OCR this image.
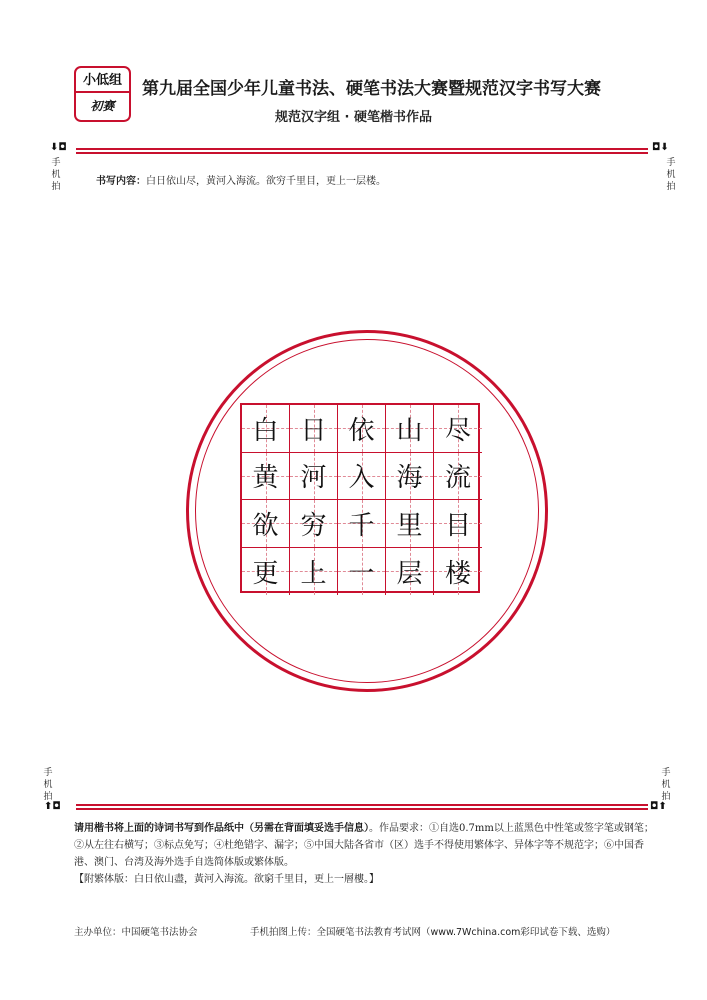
小低组
初赛
第九届全国少年儿童书法、硬笔书法大赛暨规范汉字书写大赛
规范汉字组 · 硬笔楷书作品
⬇◘
手机拍
◘⬇
手机拍
书写内容：白日依山尽，黄河入海流。欲穷千里目，更上一层楼。
白 日 依 山 尽
黄 河 入 海 流
欲 穷 千 里 目
更 上 一 层 楼
手机拍
⬆◘
手机拍
◘⬆
请用楷书将上面的诗词书写到作品纸中（另需在背面填妥选手信息）。作品要求：①自选0.7mm以上蓝黑色中性笔或签字笔或钢笔；②从左往右横写；③标点免写；④杜绝错字、漏字；⑤中国大陆各省市（区）选手不得使用繁体字、异体字等不规范字；⑥中国香港、澳门、台湾及海外选手自选简体版或繁体版。
【附繁体版：白日依山盡，黃河入海流。欲窮千里目，更上一層樓。】
主办单位：中国硬笔书法协会	手机拍图上传：全国硬笔书法教育考试网（www.7Wchina.com彩印试卷下载、选购）
